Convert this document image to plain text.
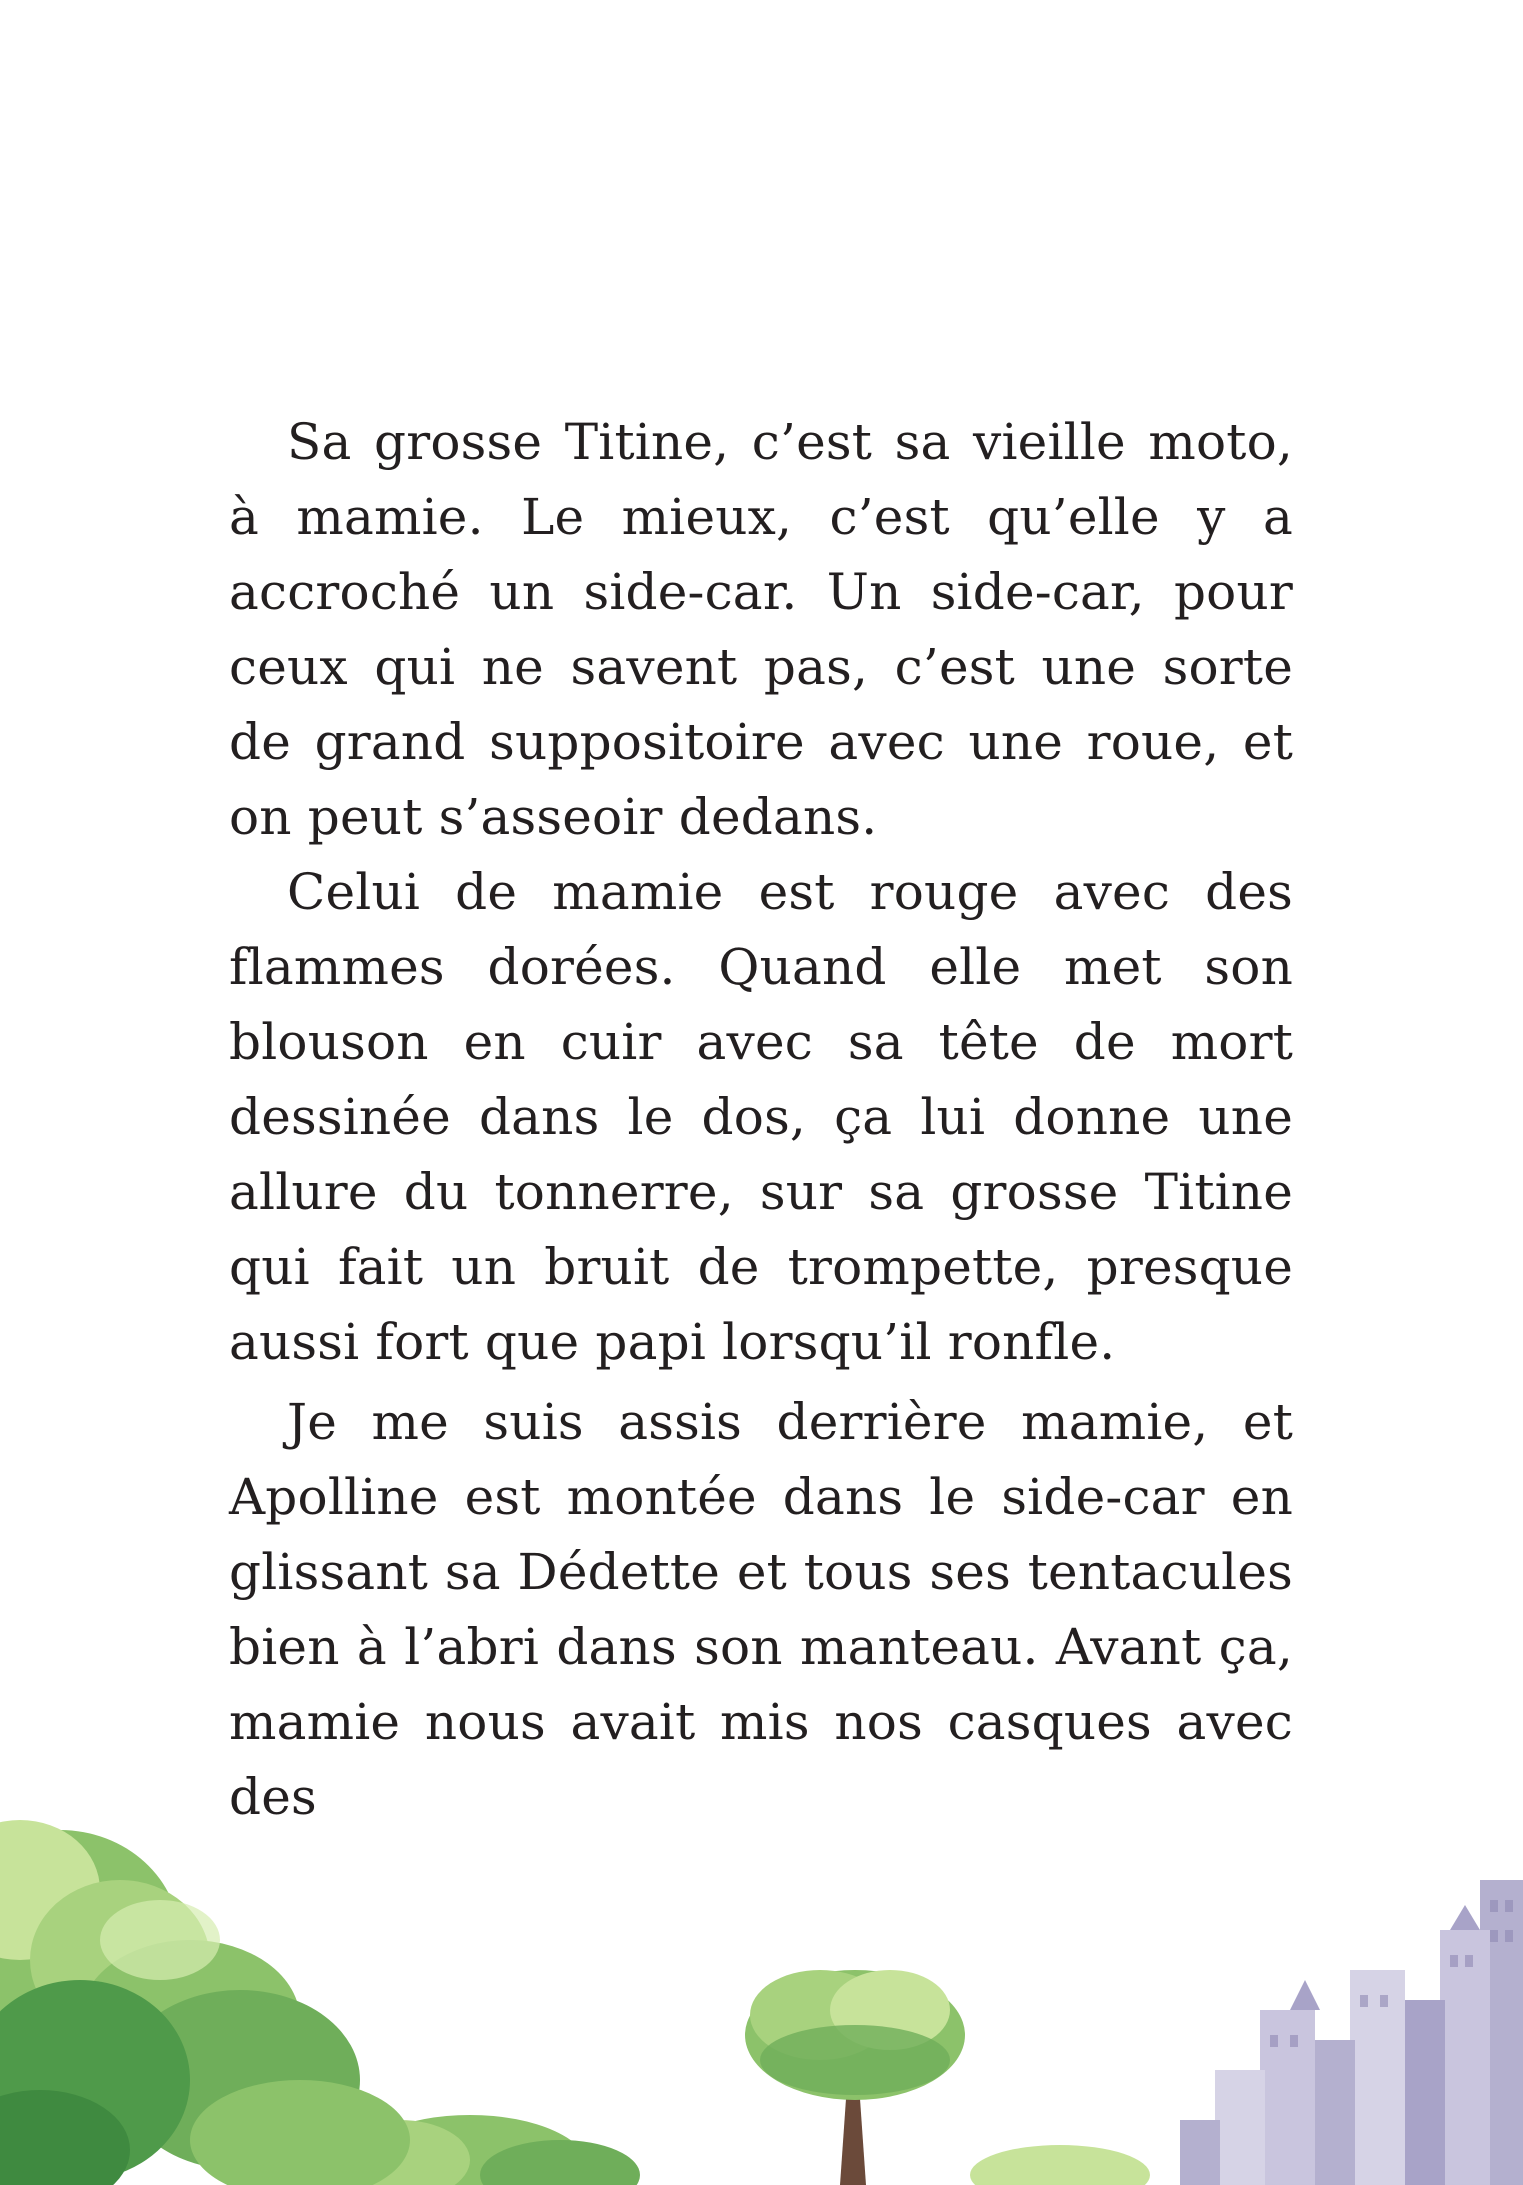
Sa grosse Titine, c’est sa vieille moto, à mamie. Le mieux, c’est qu’elle y a accroché un side-car. Un side-car, pour ceux qui ne savent pas, c’est une sorte de grand suppositoire avec une roue, et on peut s’asseoir dedans.

Celui de mamie est rouge avec des flammes dorées. Quand elle met son blouson en cuir avec sa tête de mort dessinée dans le dos, ça lui donne une allure du tonnerre, sur sa grosse Titine qui fait un bruit de trompette, presque aussi fort que papi lorsqu’il ronfle.

Je me suis assis derrière mamie, et Apolline est montée dans le side-car en glissant sa Dédette et tous ses tentacules bien à l’abri dans son manteau. Avant ça, mamie nous avait mis nos casques avec des
